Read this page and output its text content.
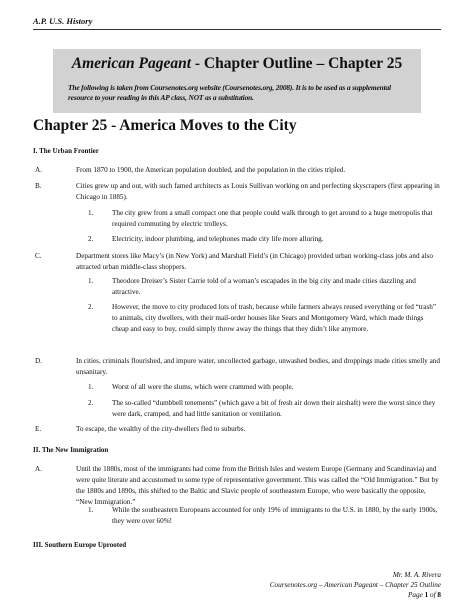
A.P. U.S. History
American Pageant - Chapter Outline – Chapter 25
The following is taken from Coursenotes.org website (Coursenotes.org, 2008). It is to be used as a supplemental resource to your reading in this AP class, NOT as a substitution.
Chapter 25 - America Moves to the City
I. The Urban Frontier
A.	From 1870 to 1900, the American population doubled, and the population in the cities tripled.
B.	Cities grew up and out, with such famed architects as Louis Sullivan working on and perfecting skyscrapers (first appearing in Chicago in 1885).
1.	The city grew from a small compact one that people could walk through to get around to a huge metropolis that required commuting by electric trolleys.
2.	Electricity, indoor plumbing, and telephones made city life more alluring.
C.	Department stores like Macy’s (in New York) and Marshall Field’s (in Chicago) provided urban working-class jobs and also attracted urban middle-class shoppers.
1.	Theodore Dreiser’s Sister Carrie told of a woman’s escapades in the big city and made cities dazzling and attractive.
2.	However, the move to city produced lots of trash, because while farmers always reused everything or fed “trash” to animals, city dwellers, with their mail-order houses like Sears and Montgomery Ward, which made things cheap and easy to buy, could simply throw away the things that they didn’t like anymore.
D.	In cities, criminals flourished, and impure water, uncollected garbage, unwashed bodies, and droppings made cities smelly and unsanitary.
1.	Worst of all were the slums, which were crammed with people.
2.	The so-called “dumbbell tenements” (which gave a bit of fresh air down their airshaft) were the worst since they were dark, cramped, and had little sanitation or ventilation.
E.	To escape, the wealthy of the city-dwellers fled to suburbs.
II. The New Immigration
A.	Until the 1880s, most of the immigrants had come from the British Isles and western Europe (Germany and Scandinavia) and were quite literate and accustomed to some type of representative government. This was called the “Old Immigration.” But by the 1880s and 1890s, this shifted to the Baltic and Slavic people of southeastern Europe, who were basically the opposite, “New Immigration.”
1.	While the southeastern Europeans accounted for only 19% of immigrants to the U.S. in 1880, by the early 1900s, they were over 60%!
III. Southern Europe Uprooted
Mr. M. A. Rivera
Coursenotes.org – American Pageant – Chapter 25 Outline
Page 1 of 8
